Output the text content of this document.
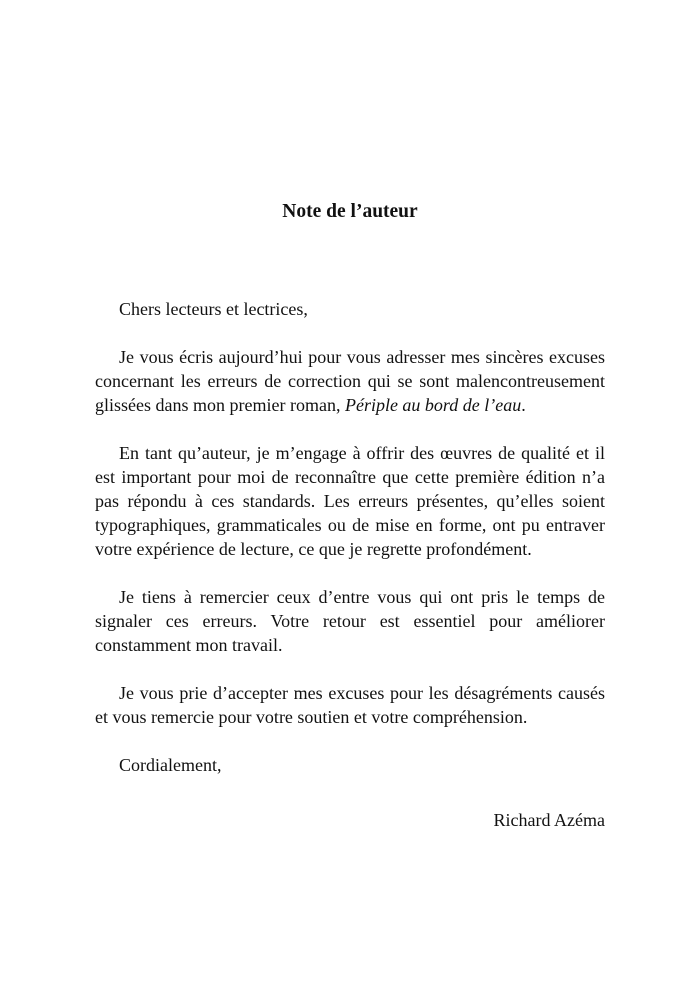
Note de l’auteur

Chers lecteurs et lectrices,

Je vous écris aujourd’hui pour vous adresser mes sincères excuses concernant les erreurs de correction qui se sont malencontreusement glissées dans mon premier roman, Périple au bord de l’eau.

En tant qu’auteur, je m’engage à offrir des œuvres de qualité et il est important pour moi de reconnaître que cette première édition n’a pas répondu à ces standards. Les erreurs présentes, qu’elles soient typographiques, grammaticales ou de mise en forme, ont pu entraver votre expérience de lecture, ce que je regrette profondément.

Je tiens à remercier ceux d’entre vous qui ont pris le temps de signaler ces erreurs. Votre retour est essentiel pour améliorer constamment mon travail.

Je vous prie d’accepter mes excuses pour les désagréments causés et vous remercie pour votre soutien et votre compréhension.

Cordialement,

Richard Azéma
